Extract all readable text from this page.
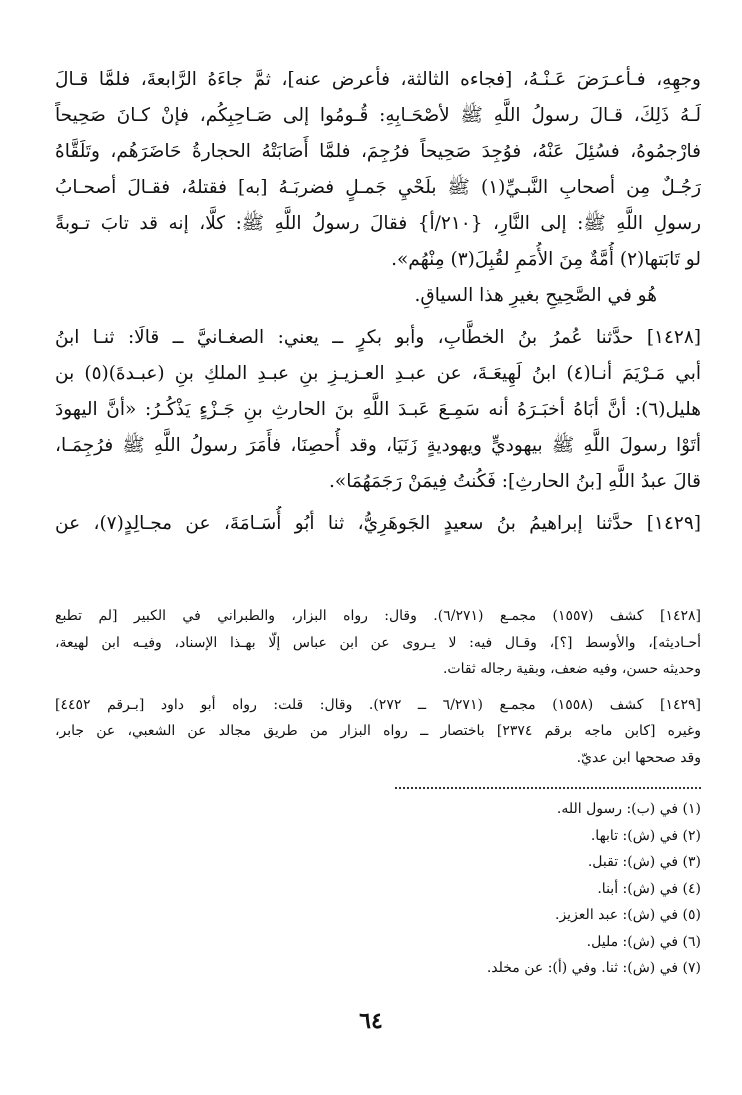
وجهِهِ، فـأعـرَضَ عَـنْـهُ، [فجاءه الثالثة، فأعرض عنه]، ثمَّ جاءَهُ الرَّابعةَ، فلمَّا قـالَ
لَـهُ ذَلِكَ، قـالَ رسولُ اللَّهِ ﷺ لأصْحَـابِهِ: قُـومُوا إلى صَـاحِبِكُم، فإنْ كـانَ صَحِيحاً
فارْجمُوهُ، فسُئِلَ عَنْهُ، فوُجِدَ صَحِيحاً فرُجِمَ، فلمَّا أَصَابَتْهُ الحجارةُ حَاضَرَهُم، وتَلَقَّاهُ
رَجُـلٌ مِن أصحابِ النَّبـيِّ(١) ﷺ بلَحْيِ جَمـلٍ فضربَـهُ [به] فقتلهُ، فقـالَ أصحـابُ
رسولِ اللَّهِ ﷺ: إلى النَّارِ، {٢١٠/أ} فقالَ رسولُ اللَّهِ ﷺ: كلَّا، إنه قد تابَ تـوبةً
لو تَابَتها(٢) أُمَّةٌ مِنَ الأُمَمِ لقُبِلَ(٣) مِنْهُم».
هُو في الصَّحِيحِ بغيرِ هذا السياقِ.
[١٤٢٨] حدَّثنا عُمرُ بنُ الخطَّابِ، وأبو بكرٍ ــ يعني: الصغـانيَّ ــ قالَا: ثنـا ابنُ
أبي مَـرْيَمَ أنـا(٤) ابنُ لَهِيعَـةَ، عن عبـدِ العـزيـزِ بنِ عبـدِ الملكِ بنِ (عبـدةَ)(٥) بن
هليل(٦): أنَّ أبَاهُ أخبَـرَهُ أنه سَمِـعَ عَبـدَ اللَّهِ بنَ الحارثِ بنِ جَـزْءٍ يَذْكُـرُ: «أنَّ اليهودَ
أتَوْا رسولَ اللَّهِ ﷺ بيهوديٍّ ويهوديةٍ زَنَيَا، وقد أُحصِنَا، فأَمَرَ رسولُ اللَّهِ ﷺ فرُجِمَـا،
قالَ عبدُ اللَّهِ [بنُ الحارثِ]: فَكُنتُ فِيمَنْ رَجَمَهُمَا».
[١٤٢٩] حدَّثنا إبراهيمُ بنُ سعيدٍ الجَوهَرِيُّ، ثنا أبُو أُسَـامَةَ، عن مجـالِدٍ(٧)، عن
[١٤٢٨] كشف (١٥٥٧) مجمـع (٦/٢٧١). وقال: رواه البزار، والطبراني في الكبير [لم تطبع
أحـاديثه]، والأوسط [؟]، وقـال فيه: لا يـروى عن ابن عباس إلّا بهـذا الإسناد، وفيـه ابن لهيعة،
وحديثه حسن، وفيه ضعف، وبقية رجاله ثقات.
[١٤٢٩] كشف (١٥٥٨) مجمـع (٦/٢٧١ ــ ٢٧٢). وقال: قلت: رواه أبو داود [بـرقم ٤٤٥٢]
وغيره [كابن ماجه برقم ٢٣٧٤] باختصار ــ رواه البزار من طريق مجالد عن الشعبي، عن جابر،
وقد صححها ابن عديّ.
(١) في (ب): رسول الله.
(٢) في (ش): تابها.
(٣) في (ش): تقبل.
(٤) في (ش): أبنا.
(٥) في (ش): عبد العزيز.
(٦) في (ش): مليل.
(٧) في (ش): ثنا. وفي (أ): عن مخلد.
٦٤
